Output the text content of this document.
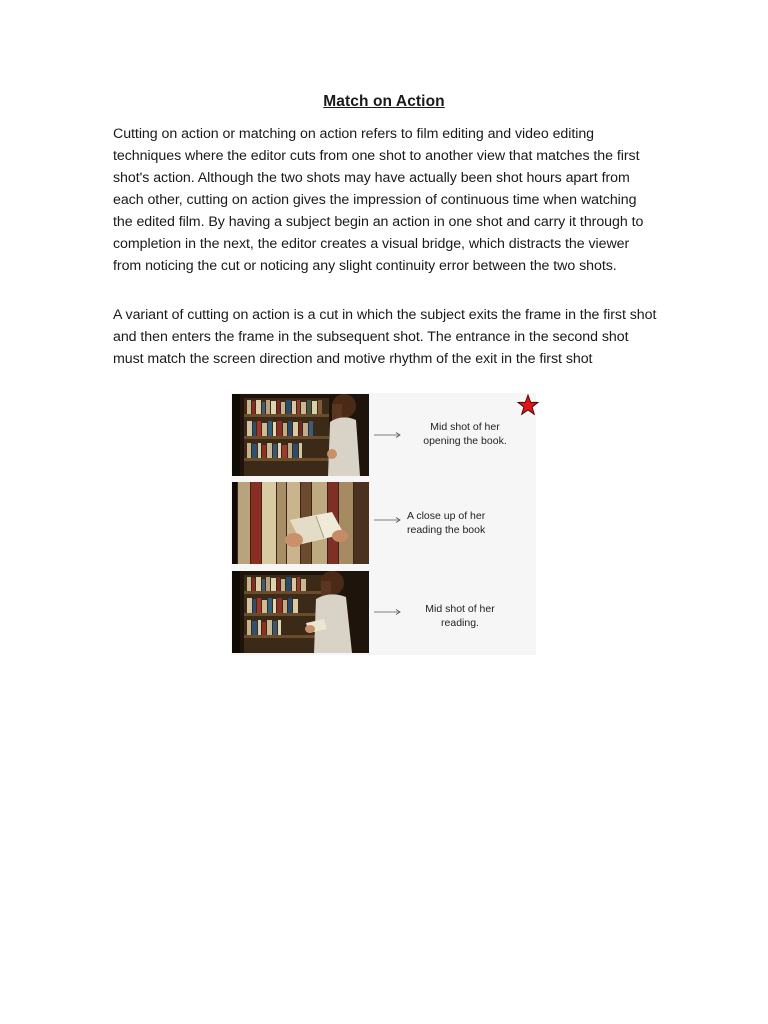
Match on Action
Cutting on action or matching on action refers to film editing and video editing techniques where the editor cuts from one shot to another view that matches the first shot's action. Although the two shots may have actually been shot hours apart from each other, cutting on action gives the impression of continuous time when watching the edited film. By having a subject begin an action in one shot and carry it through to completion in the next, the editor creates a visual bridge, which distracts the viewer from noticing the cut or noticing any slight continuity error between the two shots.
A variant of cutting on action is a cut in which the subject exits the frame in the first shot and then enters the frame in the subsequent shot. The entrance in the second shot must match the screen direction and motive rhythm of the exit in the first shot
Mid shot of her
opening the book.
A close up of her
reading the book
Mid shot of her
reading.
